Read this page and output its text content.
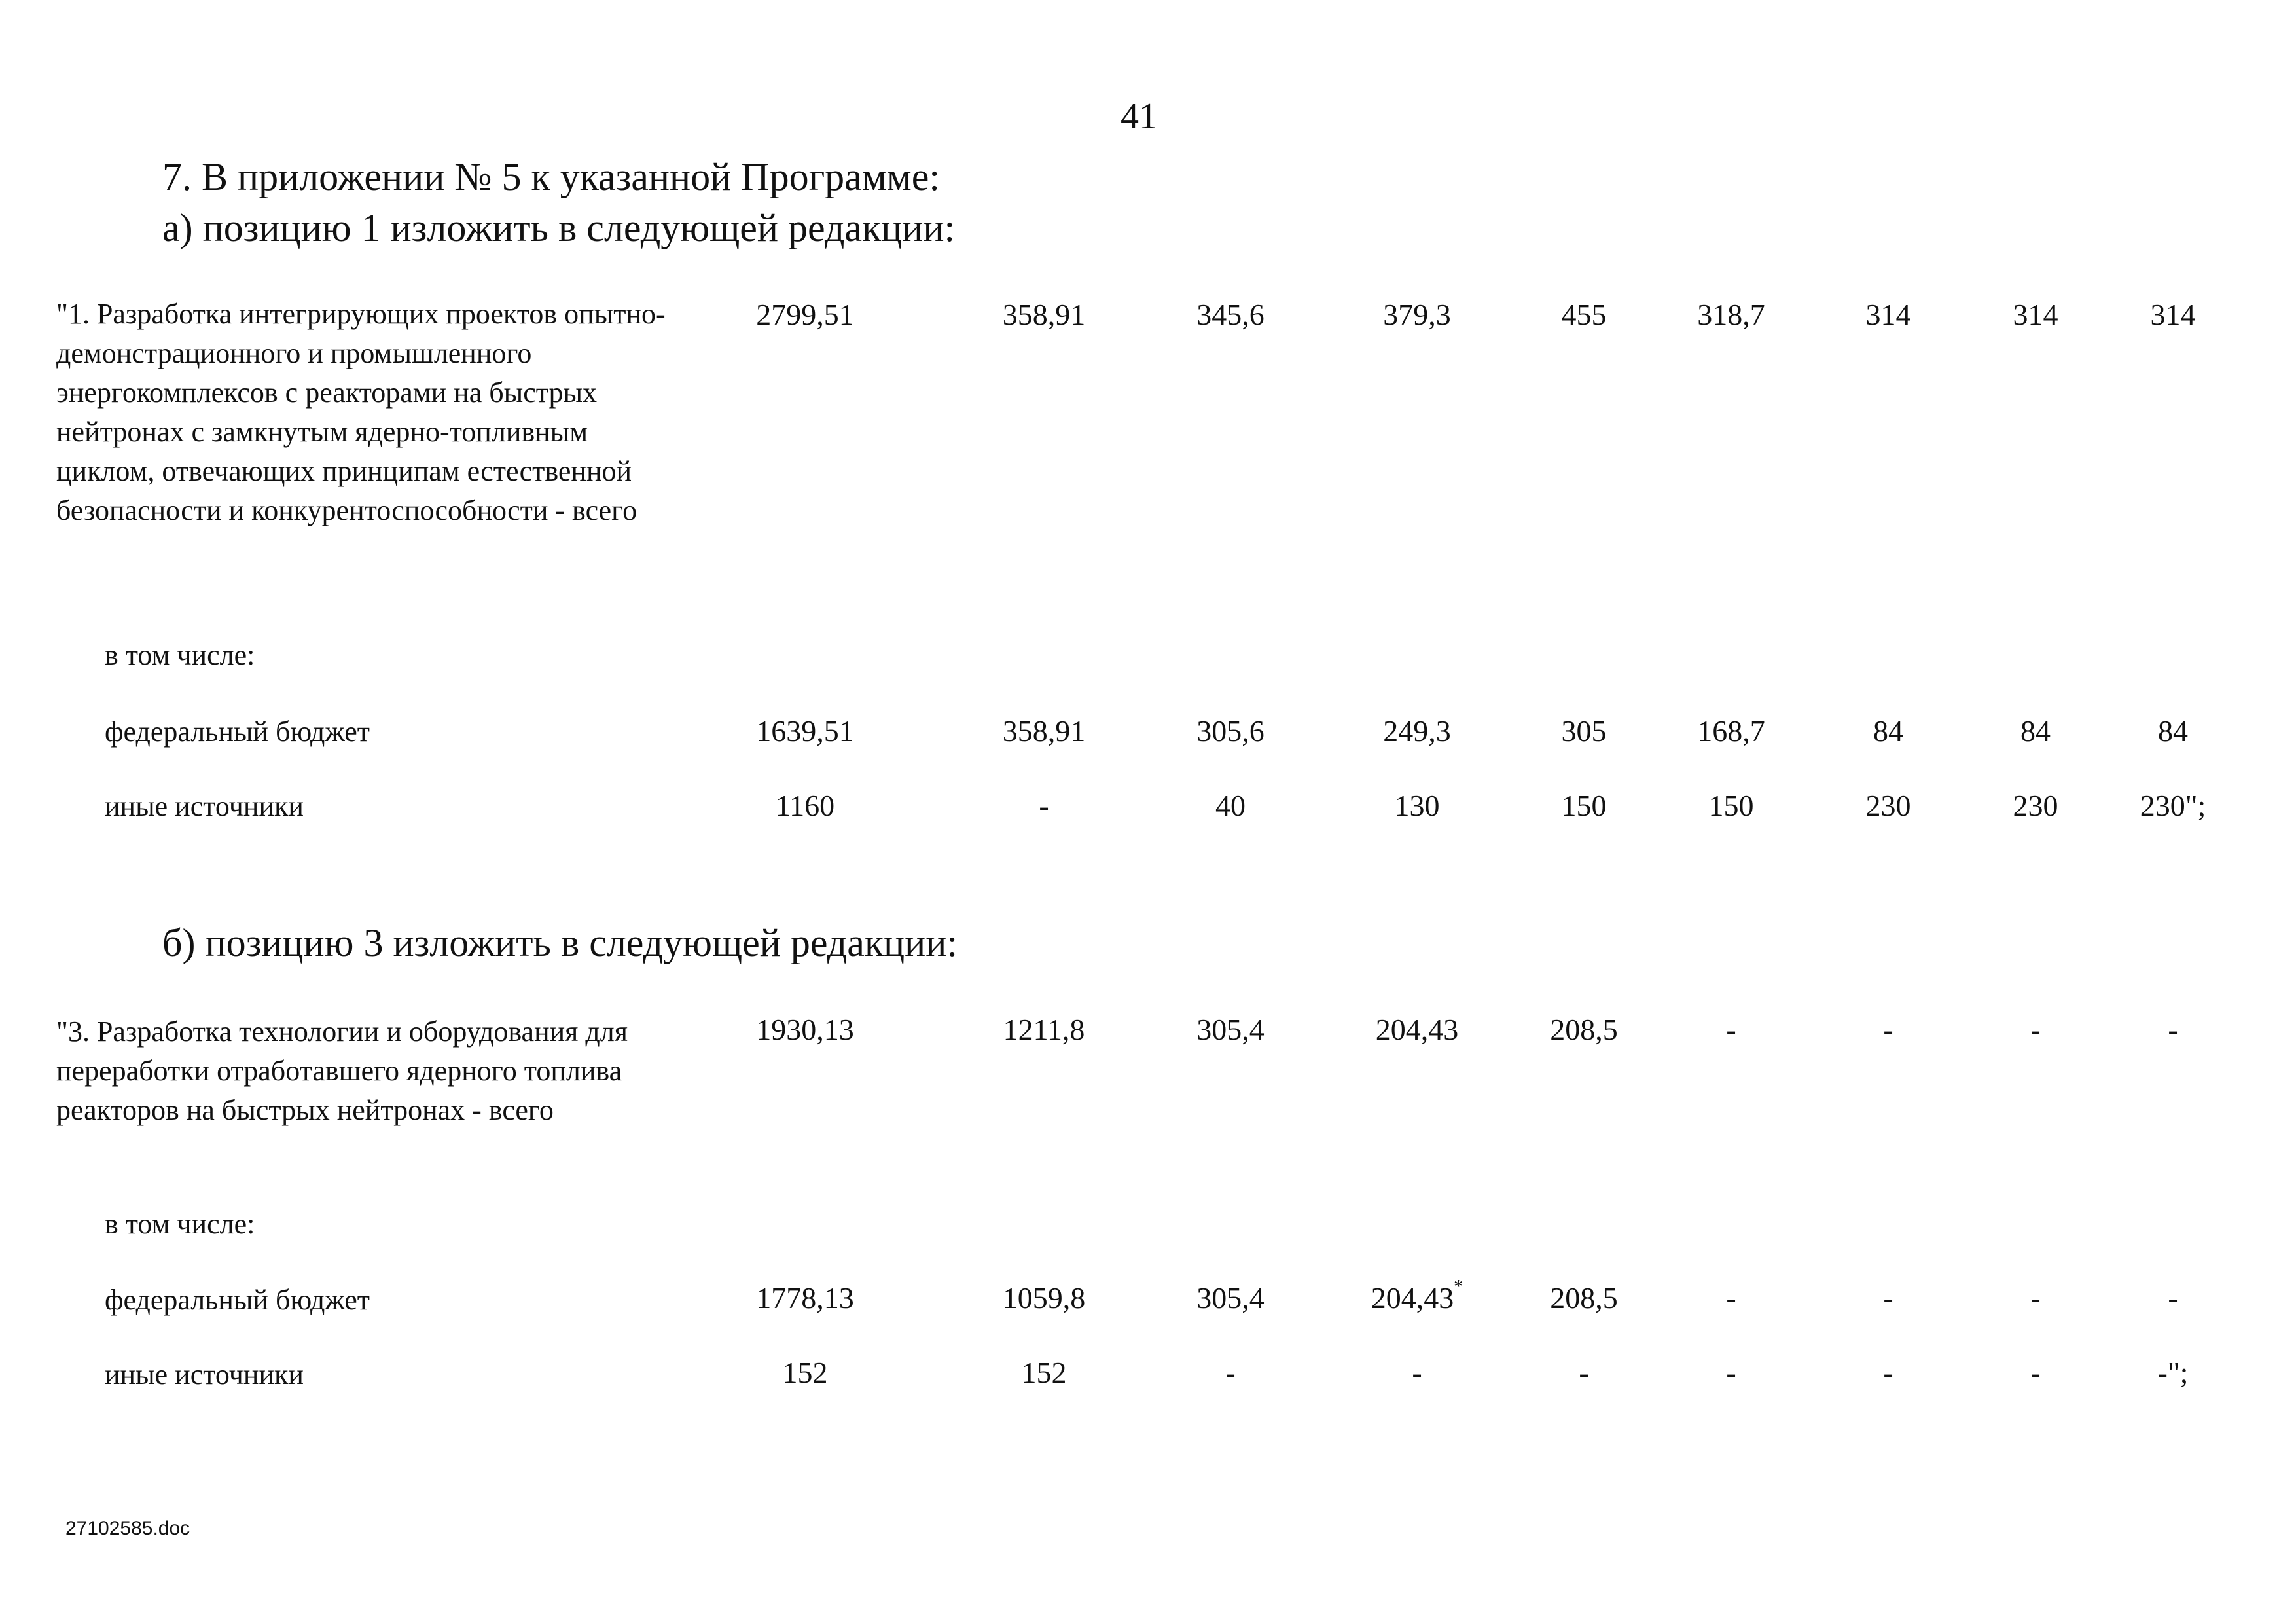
41
7. В приложении № 5 к указанной Программе:
а) позицию 1 изложить в следующей редакции:
"1. Разработка интегрирующих проектов опытно-демонстрационного и промышленного энергокомплексов с реакторами на быстрых нейтронах с замкнутым ядерно-топливным циклом, отвечающих принципам естественной безопасности и конкурентоспособности - всего
2799,51	358,91	345,6	379,3	455	318,7	314	314	314
в том числе:
федеральный бюджет	1639,51	358,91	305,6	249,3	305	168,7	84	84	84
иные источники	1160	-	40	130	150	150	230	230	230";
б) позицию 3 изложить в следующей редакции:
"3. Разработка технологии и оборудования для переработки отработавшего ядерного топлива реакторов на быстрых нейтронах - всего
1930,13	1211,8	305,4	204,43	208,5	-	-	-	-
в том числе:
федеральный бюджет	1778,13	1059,8	305,4	204,43*	208,5	-	-	-	-
иные источники	152	152	-	-	-	-	-	-	-";
27102585.doc
